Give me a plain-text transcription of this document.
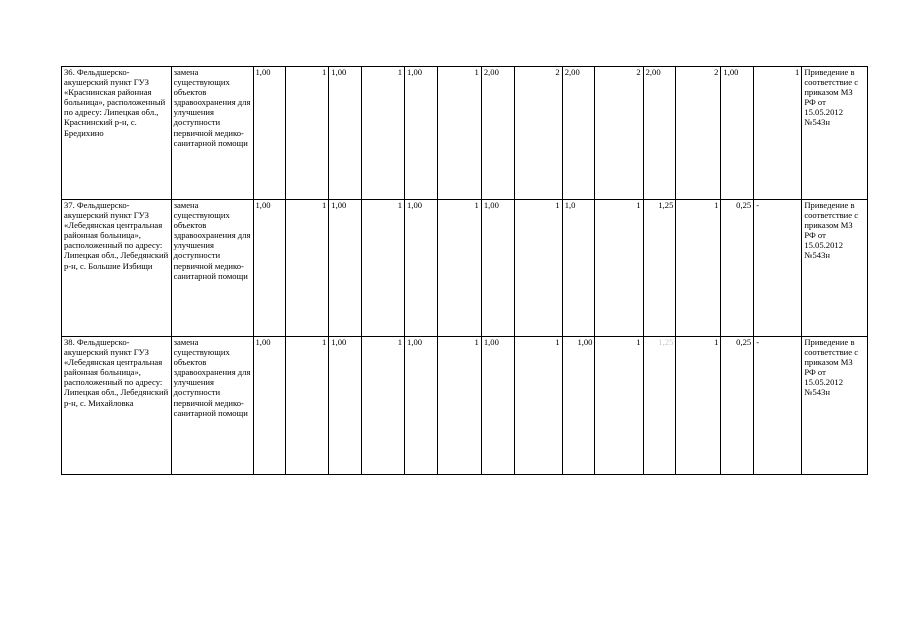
36. Фельдшерско-акушерский пункт ГУЗ «Краснинская районная больница», расположенный по адресу: Липецкая обл., Краснинский р-н, с. Бредихино	замена существующих объектов здравоохранения для улучшения доступности первичной медико-санитарной помощи	1,00	1	1,00	1	1,00	1	2,00	2	2,00	2	2,00	2	1,00	1	Приведение в соответствие с приказом МЗ РФ от 15.05.2012 №543н
37. Фельдшерско-акушерский пункт ГУЗ «Лебедянская центральная районная больница», расположенный по адресу: Липецкая обл., Лебедянский р-н, с. Большие Избищи	замена существующих объектов здравоохранения для улучшения доступности первичной медико-санитарной помощи	1,00	1	1,00	1	1,00	1	1,00	1	1,0	1	1,25	1	0,25	-	Приведение в соответствие с приказом МЗ РФ от 15.05.2012 №543н
38. Фельдшерско-акушерский пункт ГУЗ «Лебедянская центральная районная больница», расположенный по адресу: Липецкая обл., Лебедянский р-н, с. Михайловка	замена существующих объектов здравоохранения для улучшения доступности первичной медико-санитарной помощи	1,00	1	1,00	1	1,00	1	1,00	1	1,00	1	1,25	1	0,25	-	Приведение в соответствие с приказом МЗ РФ от 15.05.2012 №543н
